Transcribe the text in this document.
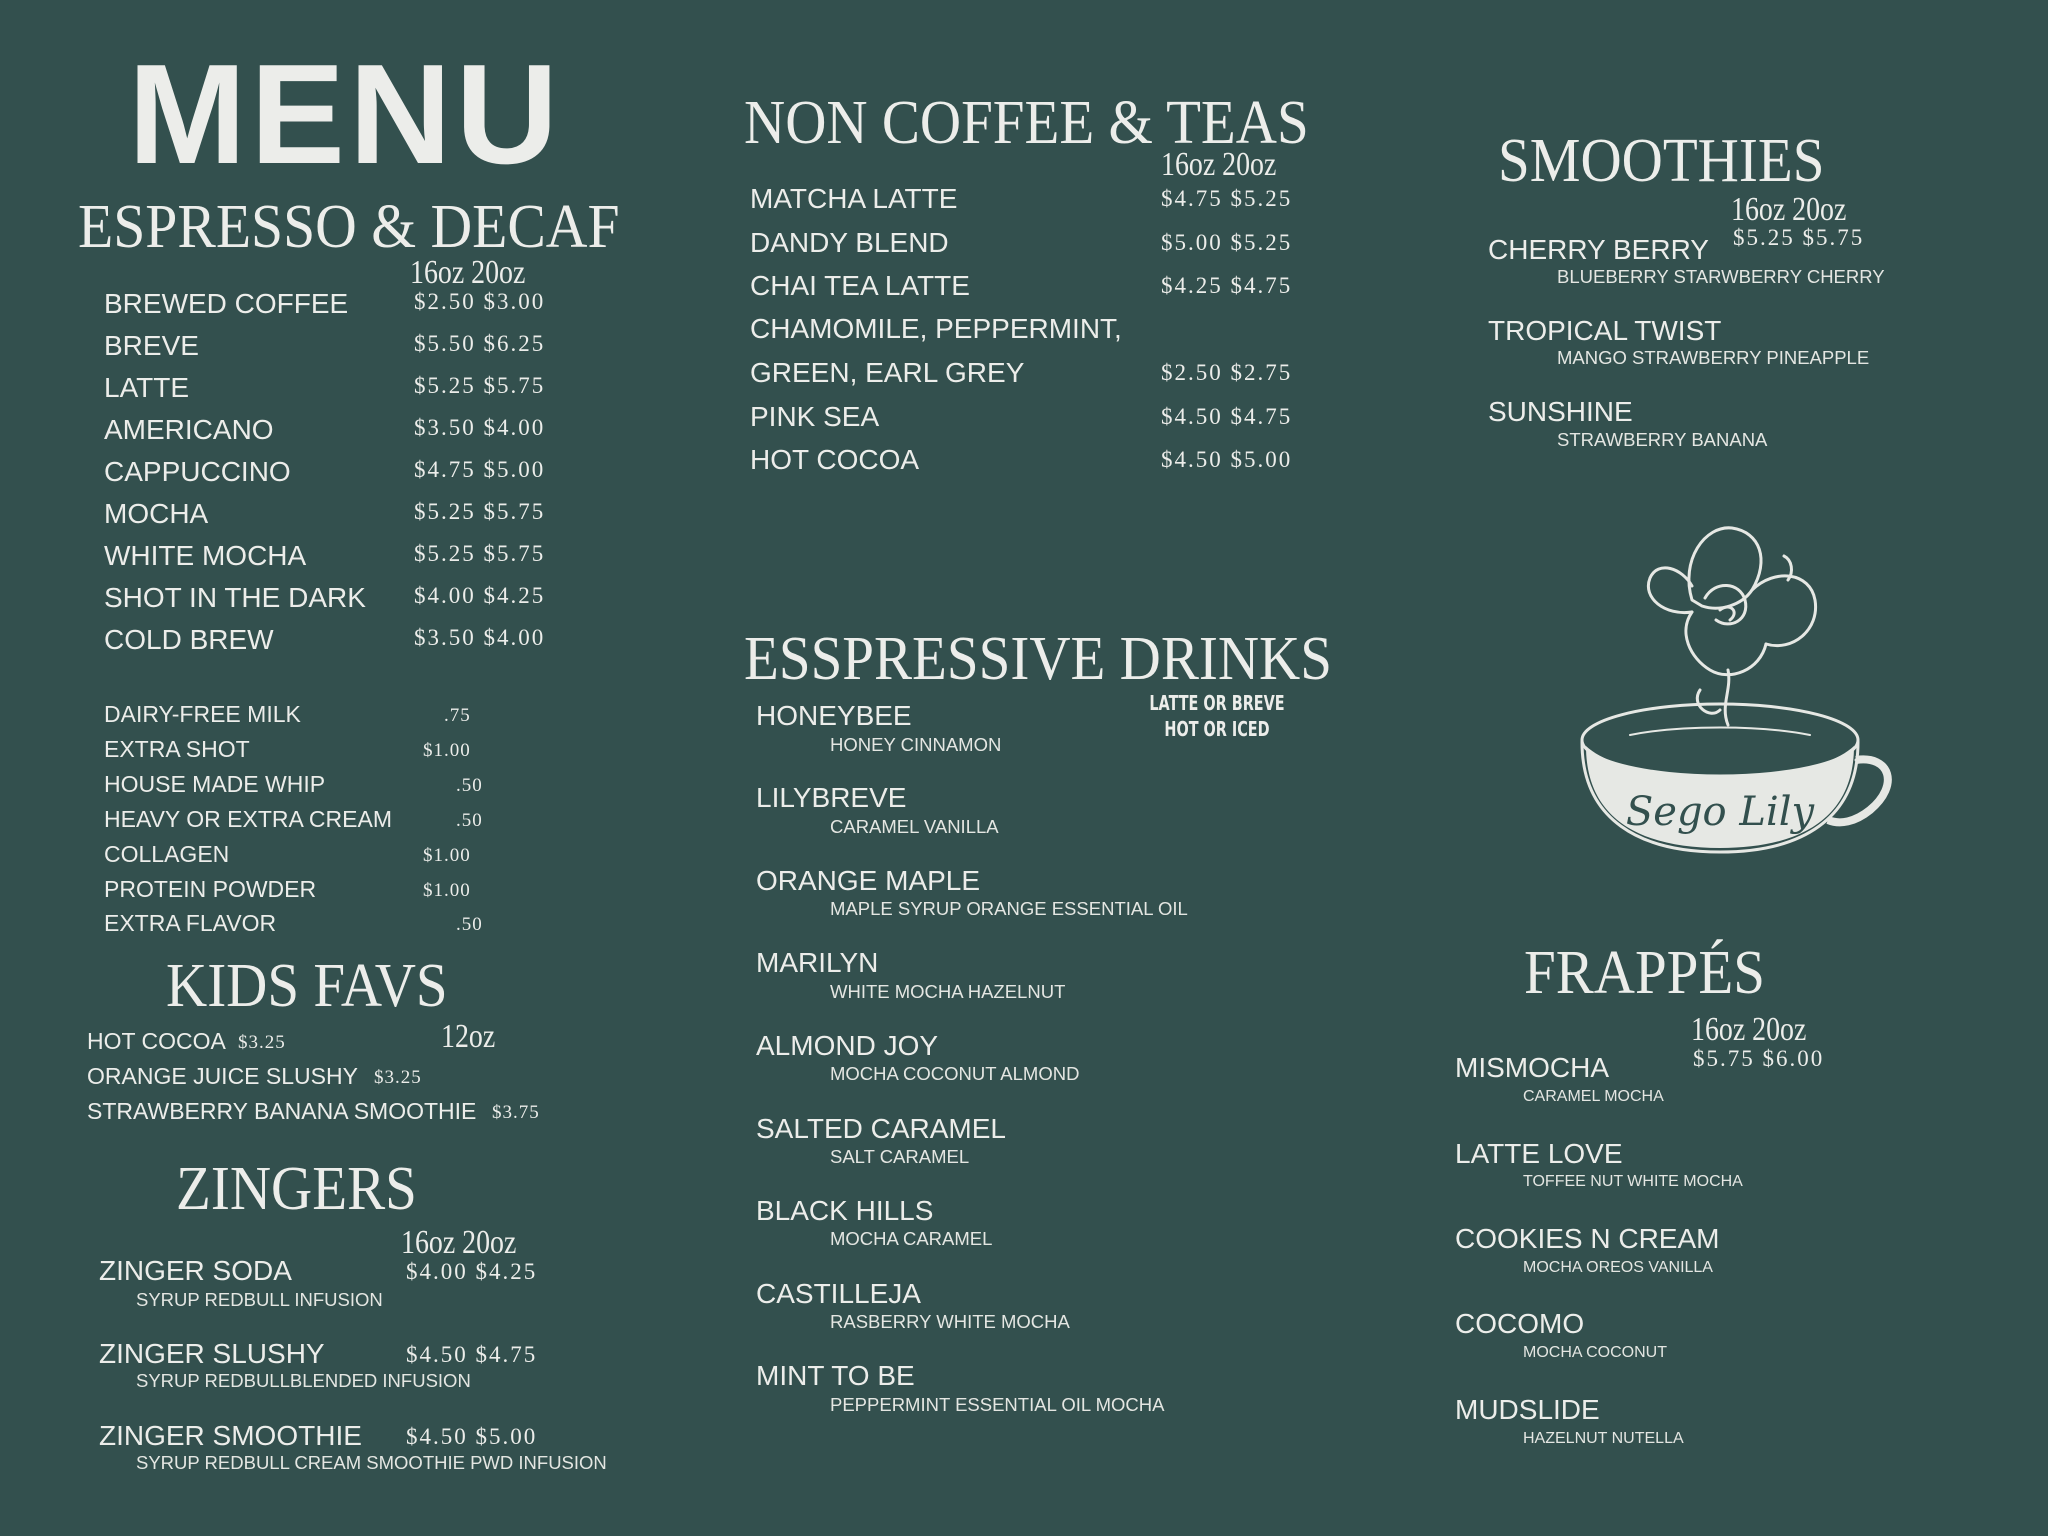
MENU
ESPRESSO & DECAF
16oz 20oz
BREWED COFFEE	$2.50 $3.00
BREVE	$5.50 $6.25
LATTE	$5.25 $5.75
AMERICANO	$3.50 $4.00
CAPPUCCINO	$4.75 $5.00
MOCHA	$5.25 $5.75
WHITE MOCHA	$5.25 $5.75
SHOT IN THE DARK $4.00 $4.25
COLD BREW	$3.50 $4.00
DAIRY-FREE MILK	.75
EXTRA SHOT	$1.00
HOUSE MADE WHIP	.50
HEAVY OR EXTRA CREAM	.50
COLLAGEN	$1.00
PROTEIN POWDER	$1.00
EXTRA FLAVOR	.50
KIDS FAVS
12oz
HOT COCOA $3.25
ORANGE JUICE SLUSHY $3.25
STRAWBERRY BANANA SMOOTHIE $3.75
ZINGERS
16oz 20oz
ZINGER SODA	$4.00 $4.25
SYRUP REDBULL INFUSION
ZINGER SLUSHY	$4.50 $4.75
SYRUP REDBULLBLENDED INFUSION
ZINGER SMOOTHIE $4.50 $5.00
SYRUP REDBULL CREAM SMOOTHIE PWD INFUSION
NON COFFEE & TEAS
16oz 20oz
MATCHA LATTE	$4.75 $5.25
DANDY BLEND	$5.00 $5.25
CHAI TEA LATTE	$4.25 $4.75
CHAMOMILE, PEPPERMINT,
GREEN, EARL GREY	$2.50 $2.75
PINK SEA	$4.50 $4.75
HOT COCOA	$4.50 $5.00
ESSPRESSIVE DRINKS
LATTE OR BREVE
HOT OR ICED
HONEYBEE
HONEY CINNAMON
LILYBREVE
CARAMEL VANILLA
ORANGE MAPLE
MAPLE SYRUP ORANGE ESSENTIAL OIL
MARILYN
WHITE MOCHA HAZELNUT
ALMOND JOY
MOCHA COCONUT ALMOND
SALTED CARAMEL
SALT CARAMEL
BLACK HILLS
MOCHA CARAMEL
CASTILLEJA
RASBERRY WHITE MOCHA
MINT TO BE
PEPPERMINT ESSENTIAL OIL MOCHA
SMOOTHIES
16oz 20oz
$5.25 $5.75
CHERRY BERRY
BLUEBERRY STARWBERRY CHERRY
TROPICAL TWIST
MANGO STRAWBERRY PINEAPPLE
SUNSHINE
STRAWBERRY BANANA
Sego Lily
FRAPPÉS
16oz 20oz
$5.75 $6.00
MISMOCHA
CARAMEL MOCHA
LATTE LOVE
TOFFEE NUT WHITE MOCHA
COOKIES N CREAM
MOCHA OREOS VANILLA
COCOMO
MOCHA COCONUT
MUDSLIDE
HAZELNUT NUTELLA
